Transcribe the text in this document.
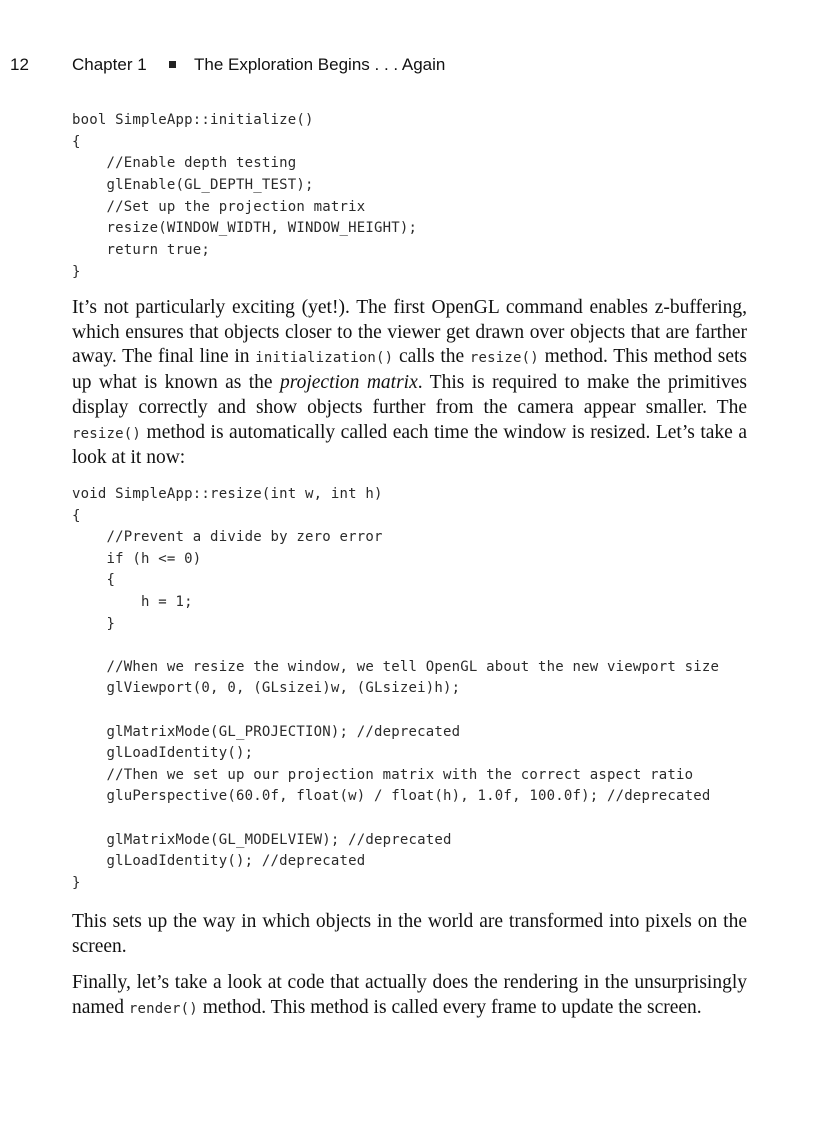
12	Chapter 1	The Exploration Begins . . . Again
bool SimpleApp::initialize()
{
//Enable depth testing
glEnable(GL_DEPTH_TEST);
//Set up the projection matrix
resize(WINDOW_WIDTH, WINDOW_HEIGHT);
return true;
}

It’s not particularly exciting (yet!). The first OpenGL command enables z-buffering, which ensures that objects closer to the viewer get drawn over objects that are farther away. The final line in initialization() calls the resize() method. This method sets up what is known as the projection matrix. This is required to make the primitives display correctly and show objects further from the camera appear smaller. The resize() method is automatically called each time the window is resized. Let’s take a look at it now:

void SimpleApp::resize(int w, int h)
{
//Prevent a divide by zero error
if (h <= 0)
{
h = 1;
}
//When we resize the window, we tell OpenGL about the new viewport size
glViewport(0, 0, (GLsizei)w, (GLsizei)h);
glMatrixMode(GL_PROJECTION); //deprecated
glLoadIdentity();
//Then we set up our projection matrix with the correct aspect ratio
gluPerspective(60.0f, float(w) / float(h), 1.0f, 100.0f); //deprecated
glMatrixMode(GL_MODELVIEW); //deprecated
glLoadIdentity(); //deprecated
}

This sets up the way in which objects in the world are transformed into pixels on the screen.

Finally, let’s take a look at code that actually does the rendering in the unsurprisingly named render() method. This method is called every frame to update the screen.
